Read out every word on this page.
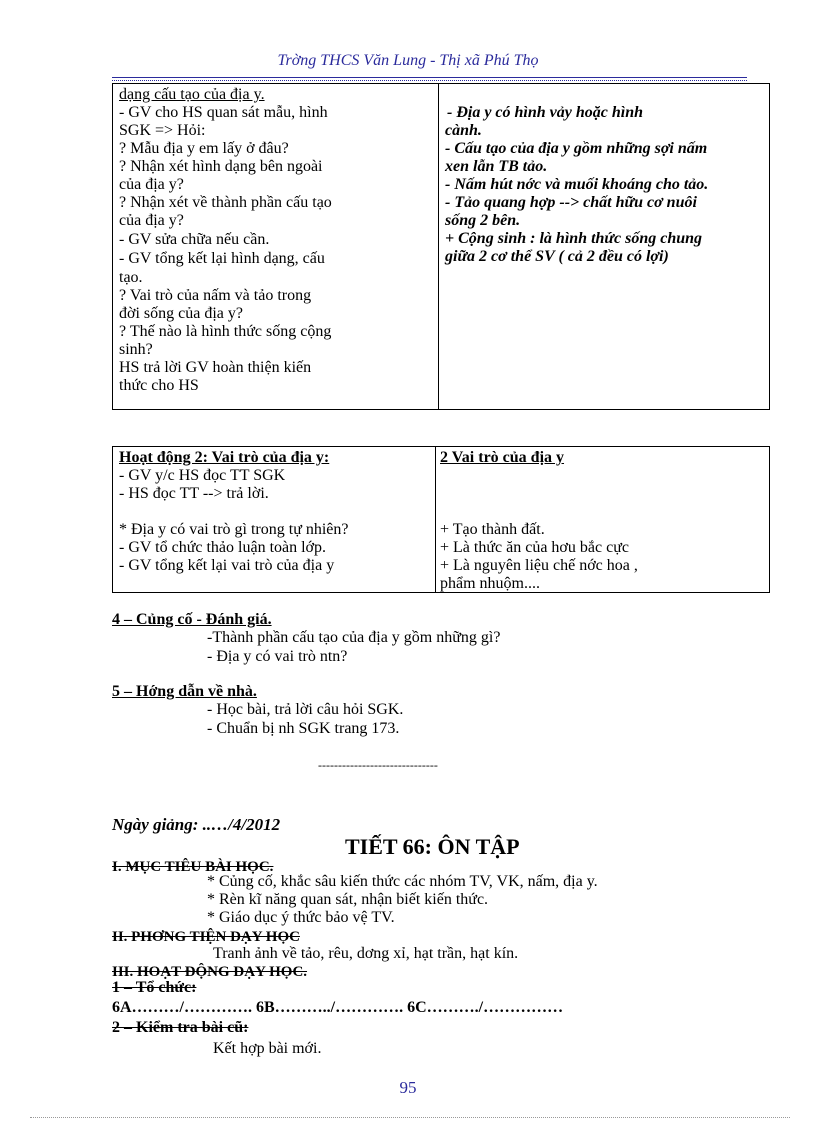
Trờng THCS Văn Lung - Thị xã Phú Thọ
dạng cấu tạo của địa y.
- GV cho HS quan sát mẫu, hình
SGK => Hỏi:
? Mẫu địa y em lấy ở đâu?
? Nhận xét hình dạng bên ngoài
của địa y?
? Nhận xét về thành phần cấu tạo
của địa y?
- GV sửa chữa nếu cần.
- GV tổng kết lại hình dạng, cấu
tạo.
? Vai trò của nấm và tảo trong
đời sống của địa y?
? Thế nào là hình thức sống cộng
sinh?
HS trả lời GV hoàn thiện kiến
thức cho HS
- Địa y có hình vảy hoặc hình
cành.
- Cấu tạo của địa y gồm những sợi nấm
xen lẫn TB tảo.
- Nấm hút nớc và muối khoáng cho tảo.
- Tảo quang hợp --> chất hữu cơ nuôi
sống 2 bên.
+ Cộng sinh : là hình thức sống chung
giữa 2 cơ thể SV ( cả 2 đều có lợi)
Hoạt động 2: Vai trò của địa y:
- GV y/c HS đọc TT SGK
- HS đọc TT --> trả lời.
* Địa y có vai trò gì trong tự nhiên?
- GV tổ chức thảo luận toàn lớp.
- GV tổng kết lại vai trò của địa y
2 Vai trò của địa y
+ Tạo thành đất.
+ Là thức ăn của hơu bắc cực
+ Là nguyên liệu chế nớc hoa ,
phẩm nhuộm....
4 – Củng cố - Đánh giá.
-Thành phần cấu tạo của địa y gồm những gì?
- Địa y có vai trò ntn?
5 – Hớng dẫn về nhà.
- Học bài, trả lời câu hỏi SGK.
- Chuẩn bị nh SGK trang 173.
------------------------------
Ngày giảng: ..…/4/2012
TIẾT 66: ÔN TẬP
I. MỤC TIÊU BÀI HỌC.
* Củng cố, khắc sâu kiến thức các nhóm TV, VK, nấm, địa y.
* Rèn kĩ năng quan sát, nhận biết kiến thức.
* Giáo dục ý thức bảo vệ TV.
II. PHƠNG TIỆN DẠY HỌC
Tranh ảnh về tảo, rêu, dơng xỉ, hạt trần, hạt kín.
III. HOẠT ĐỘNG DẠY HỌC.
1 – Tổ chức:
6A………/…………. 6B………../…………. 6C………./……………
2 – Kiểm tra bài cũ:
Kết hợp bài mới.
95
